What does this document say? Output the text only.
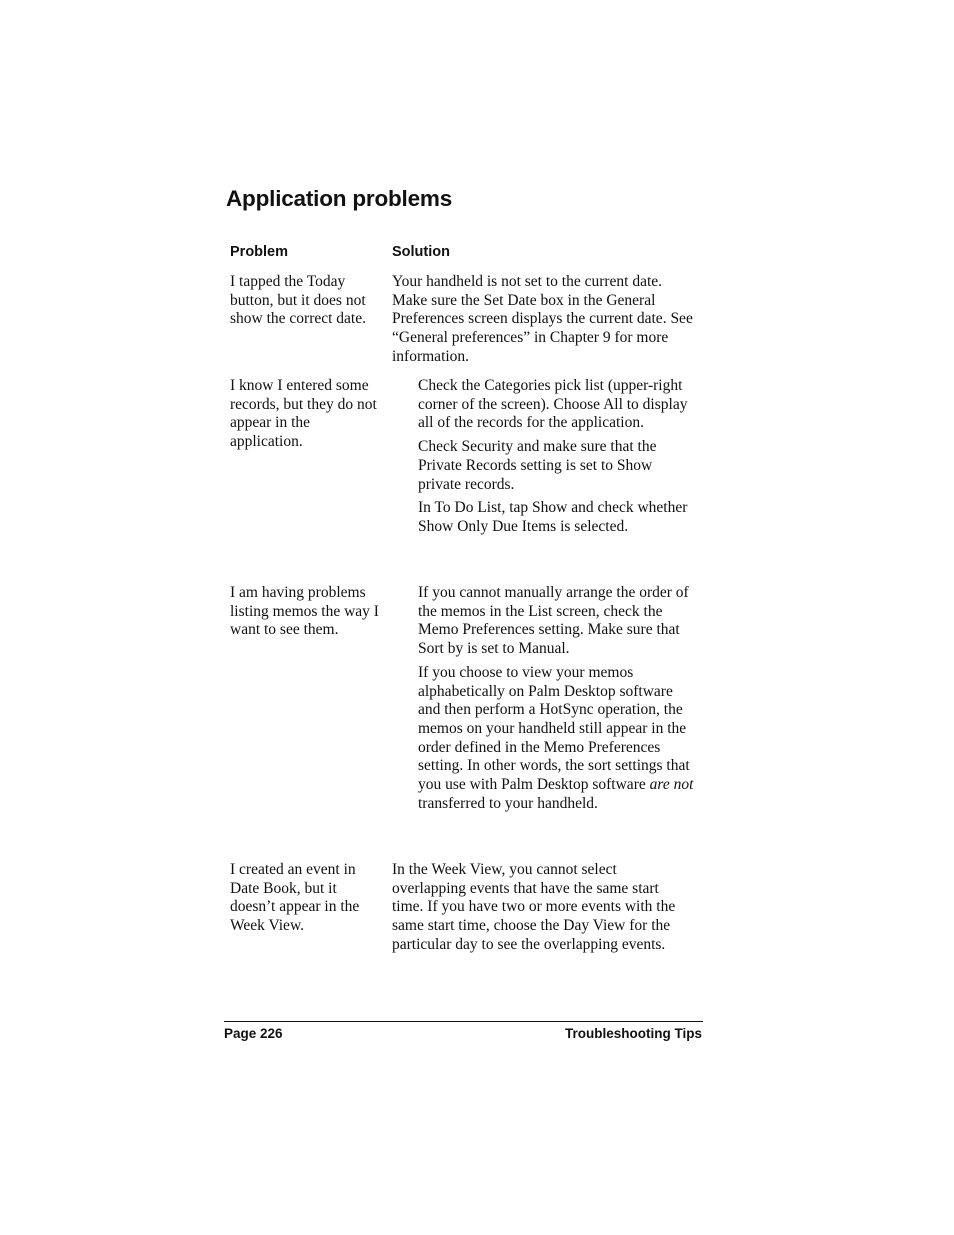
Application problems
Problem	Solution
I tapped the Today button, but it does not show the correct date.

Your handheld is not set to the current date. Make sure the Set Date box in the General Preferences screen displays the current date. See “General preferences” in Chapter 9 for more information.

I know I entered some records, but they do not appear in the application.

Check the Categories pick list (upper-right corner of the screen). Choose All to display all of the records for the application.

Check Security and make sure that the Private Records setting is set to Show private records.

In To Do List, tap Show and check whether Show Only Due Items is selected.

I am having problems listing memos the way I want to see them.

If you cannot manually arrange the order of the memos in the List screen, check the Memo Preferences setting. Make sure that Sort by is set to Manual.

If you choose to view your memos alphabetically on Palm Desktop software and then perform a HotSync operation, the memos on your handheld still appear in the order defined in the Memo Preferences setting. In other words, the sort settings that you use with Palm Desktop software are not transferred to your handheld.

I created an event in Date Book, but it doesn’t appear in the Week View.

In the Week View, you cannot select overlapping events that have the same start time. If you have two or more events with the same start time, choose the Day View for the particular day to see the overlapping events.

Page 226	Troubleshooting Tips
